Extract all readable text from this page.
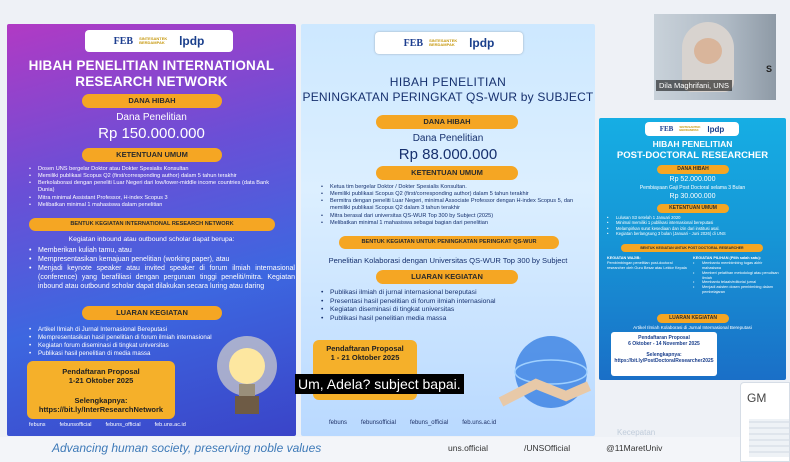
FEB SINTESANTEK BERDAMPAK	lpdp
HIBAH PENELITIAN INTERNATIONAL RESEARCH NETWORK
DANA HIBAH
Dana Penelitian
Rp 150.000.000
KETENTUAN UMUM
• Dosen UNS bergelar Doktor atau Dokter Spesialis Konsultan
• Memiliki publikasi Scopus Q2 (first/corresponding author) dalam 5 tahun terakhir
• Berkolaborasi dengan peneliti Luar Negeri dari low/lower-middle income countries (data Bank Dunia)
• Mitra minimal Assistant Professor, H-index Scopus 3
• Melibatkan minimal 1 mahasiswa dalam penelitian
BENTUK KEGIATAN INTERNATIONAL RESEARCH NETWORK
Kegiatan inbound atau outbound scholar dapat berupa:
• Memberikan kuliah tamu, atau
• Mempresentasikan kemajuan penelitian (working paper), atau
• Menjadi keynote speaker atau invited speaker di forum ilmiah internasional (conference) yang berafiliasi dengan perguruan tinggi peneliti/mitra. Kegiatan inbound atau outbound scholar dapat dilakukan secara luring atau daring
LUARAN KEGIATAN
• Artikel Ilmiah di Jurnal Internasional Bereputasi
• Mempresentasikan hasil penelitian di forum ilmiah internasional
• Kegiatan forum diseminasi di tingkat universitas
• Publikasi hasil penelitian di media massa
Pendaftaran Proposal
1-21 Oktober 2025
Selengkapnya:
https://bit.ly/InterResearchNetwork
febuns	febunsofficial	febuns_official	feb.uns.ac.id
FEB SINTESANTEK BERDAMPAK	lpdp
HIBAH PENELITIAN
PENINGKATAN PERINGKAT QS-WUR by SUBJECT
DANA HIBAH
Dana Penelitian
Rp 88.000.000
KETENTUAN UMUM
• Ketua tim bergelar Doktor / Dokter Spesialis Konsultan.
• Memiliki publikasi Scopus Q2 (first/corresponding author) dalam 5 tahun terakhir
• Bermitra dengan peneliti Luar Negeri, minimal Associate Professor dengan H-index Scopus 5, dan memiliki publikasi Scopus Q2 dalam 3 tahun terakhir
• Mitra berasal dari universitas QS-WUR Top 300 by Subject (2025)
• Melibatkan minimal 1 mahasiswa sebagai bagian dari penelitian
BENTUK KEGIATAN UNTUK PENINGKATAN PERINGKAT QS-WUR
Penelitian Kolaborasi dengan Universitas QS-WUR Top 300 by Subject
LUARAN KEGIATAN
• Publikasi ilmiah di jurnal internasional bereputasi
• Presentasi hasil penelitian di forum ilmiah internasional
• Kegiatan diseminasi di tingkat universitas
• Publikasi hasil penelitian media massa
Pendaftaran Proposal
1 - 21 Oktober 2025
febuns febunsofficial febuns_official feb.uns.ac.id
FEB SINTESANTEK BERDAMPAK	lpdp
HIBAH PENELITIAN
POST-DOCTORAL RESEARCHER
DANA HIBAH
Rp 52.000.000
Pembiayaan Gaji Post Doctoral selama 3 Bulan
Rp 30.000.000
KETENTUAN UMUM
• Lulusan S3 setelah 1 Januari 2020
• Minimal memiliki 1 publikasi internasional bereputasi
• Melampirkan surat kesediaan dan izin dari institusi asal.
• Kegiatan berlangsung 3 bulan (Januari - Juni 2026) di UNS
BENTUK KEGIATAN UNTUK POST DOCTORAL RESEARCHER
KEGIATAN WAJIB:
Pembimbingan penelitian post-doctoral researcher oleh Guru Besar atau Lektor Kepala
KEGIATAN PILIHAN (Pilih salah satu):
• Membantu membimbing tugas akhir mahasiswa
• Memberi pelatihan metodologi atau penulisan ilmiah
• Membantu telaah/editorial jurnal
• Menjadi asisten dosen pembimbing dalam pembelajaran
LUARAN KEGIATAN
Artikel Ilmiah Kolaborasi di Jurnal Internasional Bereputasi
Pendaftaran Proposal
6 Oktober - 14 November 2025
Selengkapnya:
https://bit.ly/PostDoctoralResearcher2025
S
Dila Maghrifani, UNS
Um, Adela? subject bapai.
Advancing human society, preserving noble values	uns.official	/UNSOfficial	@11MaretUniv
Kecepatan
GM
